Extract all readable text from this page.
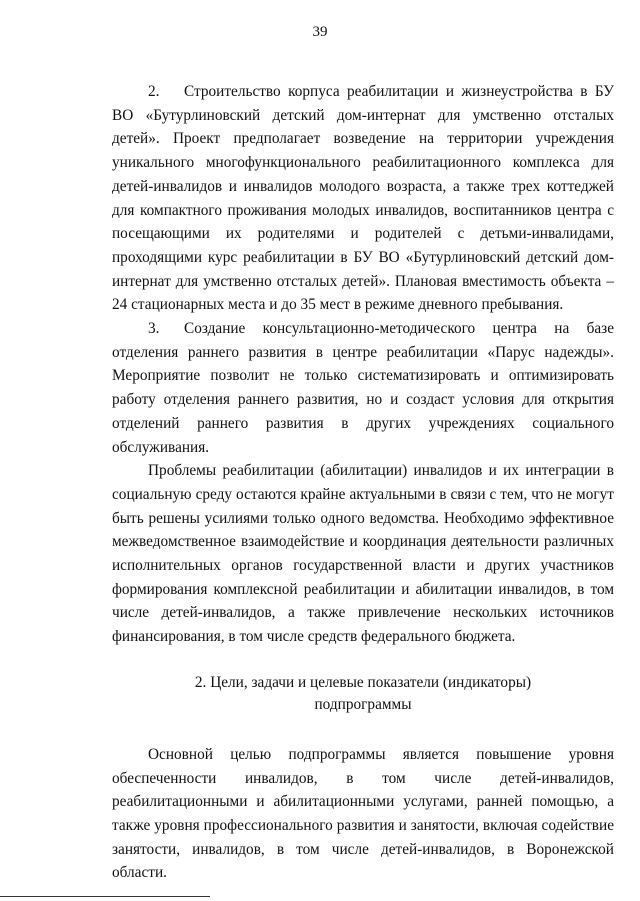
39

2. Строительство корпуса реабилитации и жизнеустройства в БУ ВО «Бутурлиновский детский дом-интернат для умственно отсталых детей». Проект предполагает возведение на территории учреждения уникального многофункционального реабилитационного комплекса для детей-инвалидов и инвалидов молодого возраста, а также трех коттеджей для компактного проживания молодых инвалидов, воспитанников центра с посещающими их родителями и родителей с детьми-инвалидами, проходящими курс реабилитации в БУ ВО «Бутурлиновский детский дом-интернат для умственно отсталых детей». Плановая вместимость объекта – 24 стационарных места и до 35 мест в режиме дневного пребывания.

3. Создание консультационно-методического центра на базе отделения раннего развития в центре реабилитации «Парус надежды». Мероприятие позволит не только систематизировать и оптимизировать работу отделения раннего развития, но и создаст условия для открытия отделений раннего развития в других учреждениях социального обслуживания.

Проблемы реабилитации (абилитации) инвалидов и их интеграции в социальную среду остаются крайне актуальными в связи с тем, что не могут быть решены усилиями только одного ведомства. Необходимо эффективное межведомственное взаимодействие и координация деятельности различных исполнительных органов государственной власти и других участников формирования комплексной реабилитации и абилитации инвалидов, в том числе детей-инвалидов, а также привлечение нескольких источников финансирования, в том числе средств федерального бюджета.

2. Цели, задачи и целевые показатели (индикаторы)
подпрограммы

Основной целью подпрограммы является повышение уровня обеспеченности инвалидов, в том числе детей-инвалидов, реабилитационными и абилитационными услугами, ранней помощью, а также уровня профессионального развития и занятости, включая содействие занятости, инвалидов, в том числе детей-инвалидов, в Воронежской области.
